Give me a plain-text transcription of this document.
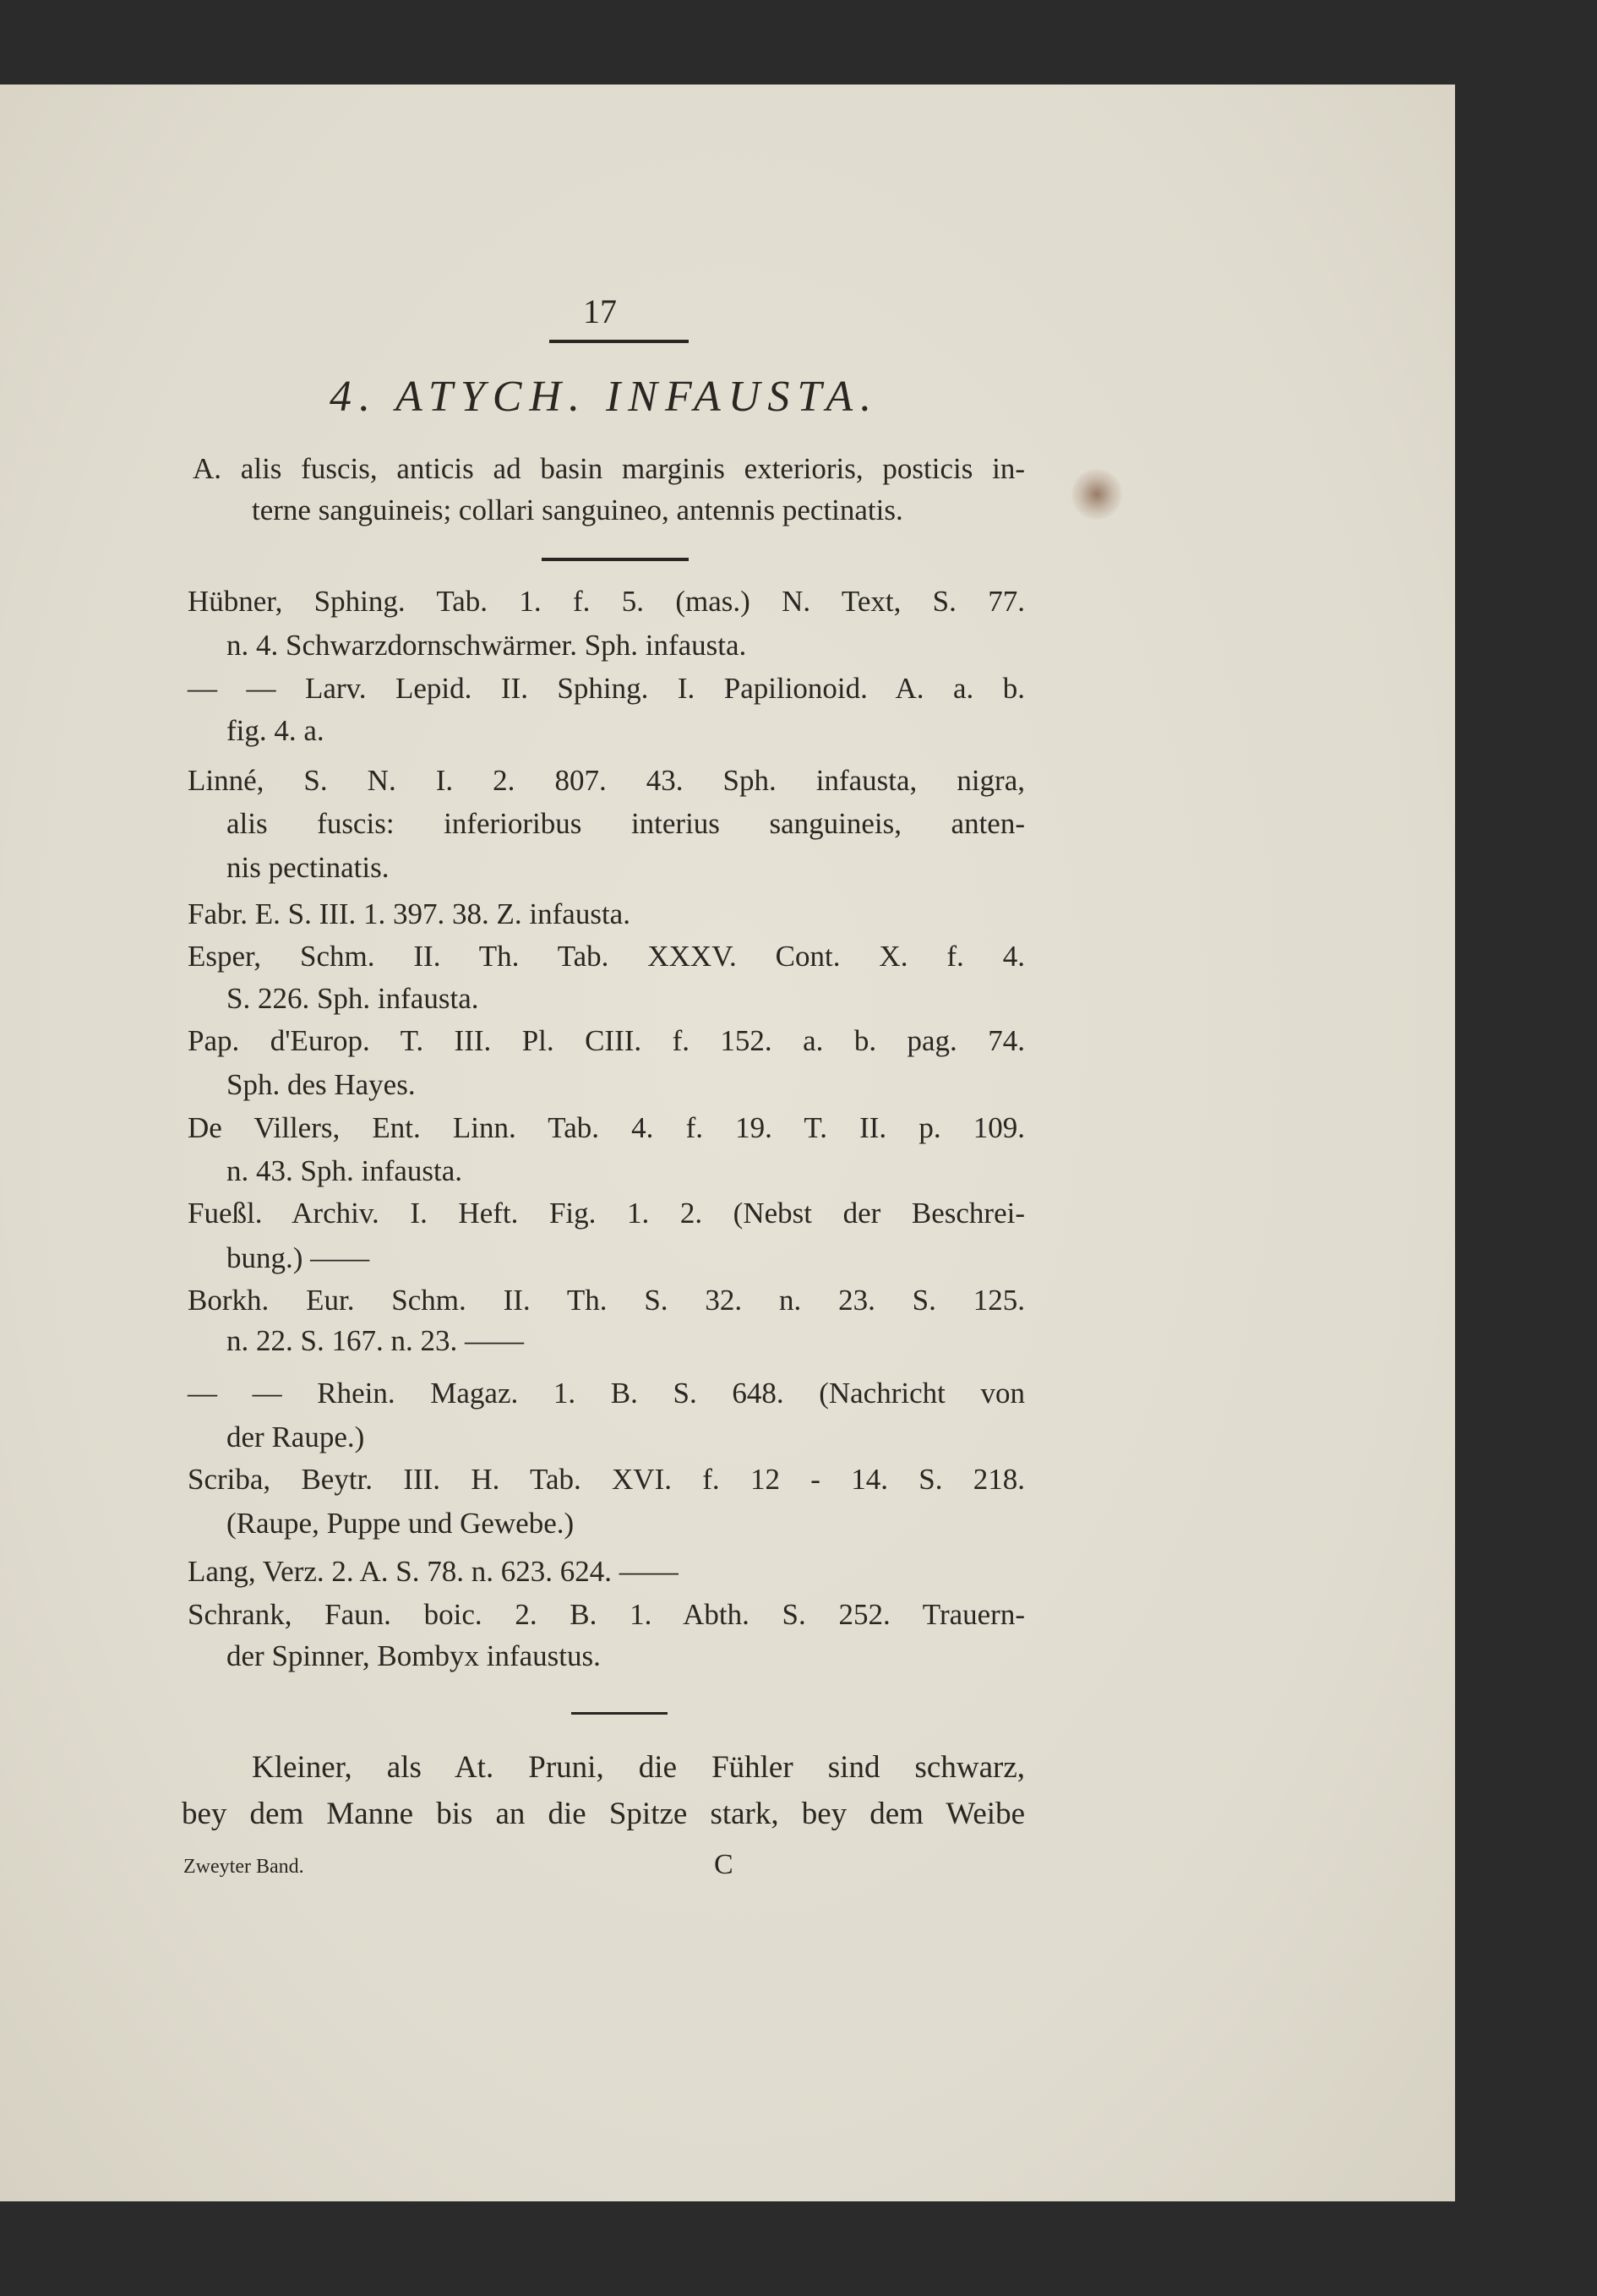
17
4. ATYCH. INFAUSTA.
A. alis fuscis, anticis ad basin marginis exterioris, posticis in-
terne sanguineis; collari sanguineo, antennis pectinatis.
Hübner, Sphing. Tab. 1. f. 5. (mas.) N. Text, S. 77.
n. 4. Schwarzdornschwärmer. Sph. infausta.
— — Larv. Lepid. II. Sphing. I. Papilionoid. A. a. b.
fig. 4. a.
Linné, S. N. I. 2. 807. 43. Sph. infausta, nigra,
alis fuscis: inferioribus interius sanguineis, anten-
nis pectinatis.
Fabr. E. S. III. 1. 397. 38. Z. infausta.
Esper, Schm. II. Th. Tab. XXXV. Cont. X. f. 4.
S. 226. Sph. infausta.
Pap. d'Europ. T. III. Pl. CIII. f. 152. a. b. pag. 74.
Sph. des Hayes.
De Villers, Ent. Linn. Tab. 4. f. 19. T. II. p. 109.
n. 43. Sph. infausta.
Fueßl. Archiv. I. Heft. Fig. 1. 2. (Nebst der Beschrei-
bung.) ——
Borkh. Eur. Schm. II. Th. S. 32. n. 23. S. 125.
n. 22. S. 167. n. 23. ——
— — Rhein. Magaz. 1. B. S. 648. (Nachricht von
der Raupe.)
Scriba, Beytr. III. H. Tab. XVI. f. 12 - 14. S. 218.
(Raupe, Puppe und Gewebe.)
Lang, Verz. 2. A. S. 78. n. 623. 624. ——
Schrank, Faun. boic. 2. B. 1. Abth. S. 252. Trauern-
der Spinner, Bombyx infaustus.
Kleiner, als At. Pruni, die Fühler sind schwarz,
bey dem Manne bis an die Spitze stark, bey dem Weibe
Zweyter Band.	C
